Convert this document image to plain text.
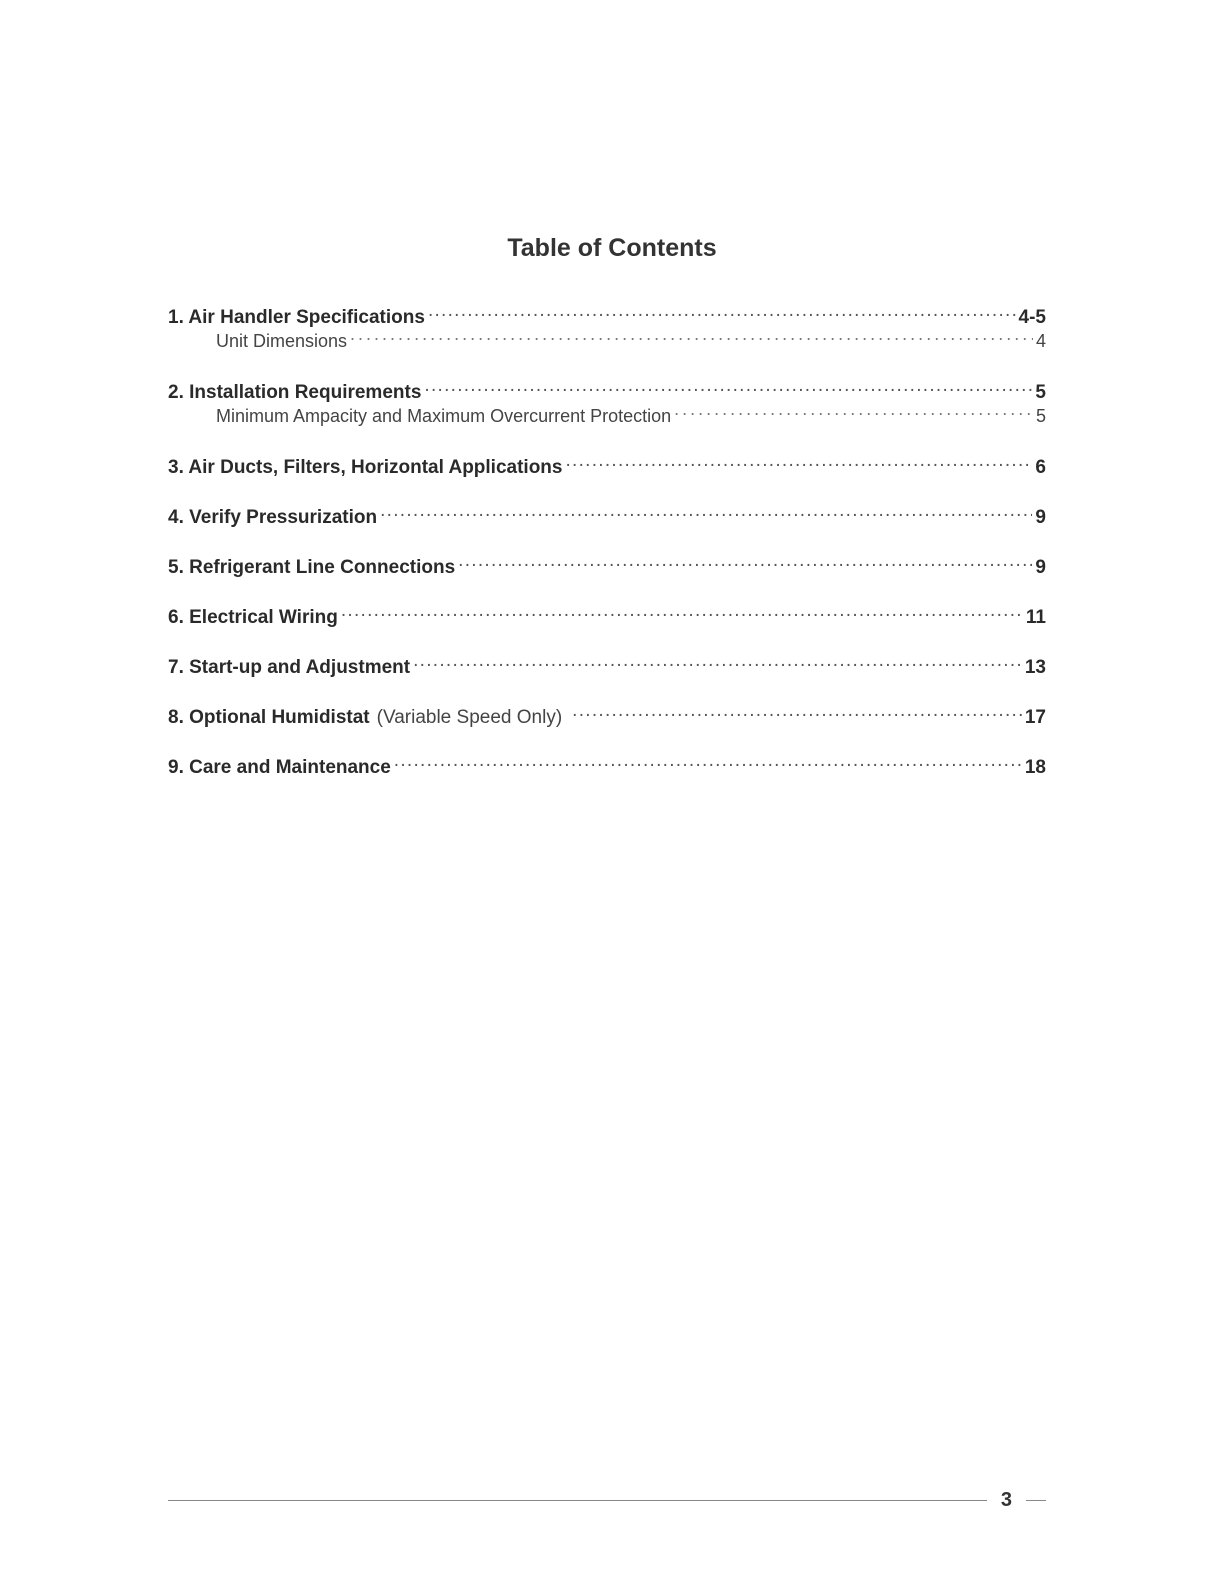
Table of Contents
1. Air Handler Specifications . . .	4-5
Unit Dimensions . . .	4
2. Installation Requirements . . .	5
Minimum Ampacity and Maximum Overcurrent Protection . . .	5
3. Air Ducts, Filters, Horizontal Applications . . .	6
4. Verify Pressurization . . .	9
5. Refrigerant Line Connections . . .	9
6. Electrical Wiring . . .	11
7. Start-up and Adjustment . . .	13
8. Optional Humidistat (Variable Speed Only) . . .	17
9. Care and Maintenance . . .	18
3
